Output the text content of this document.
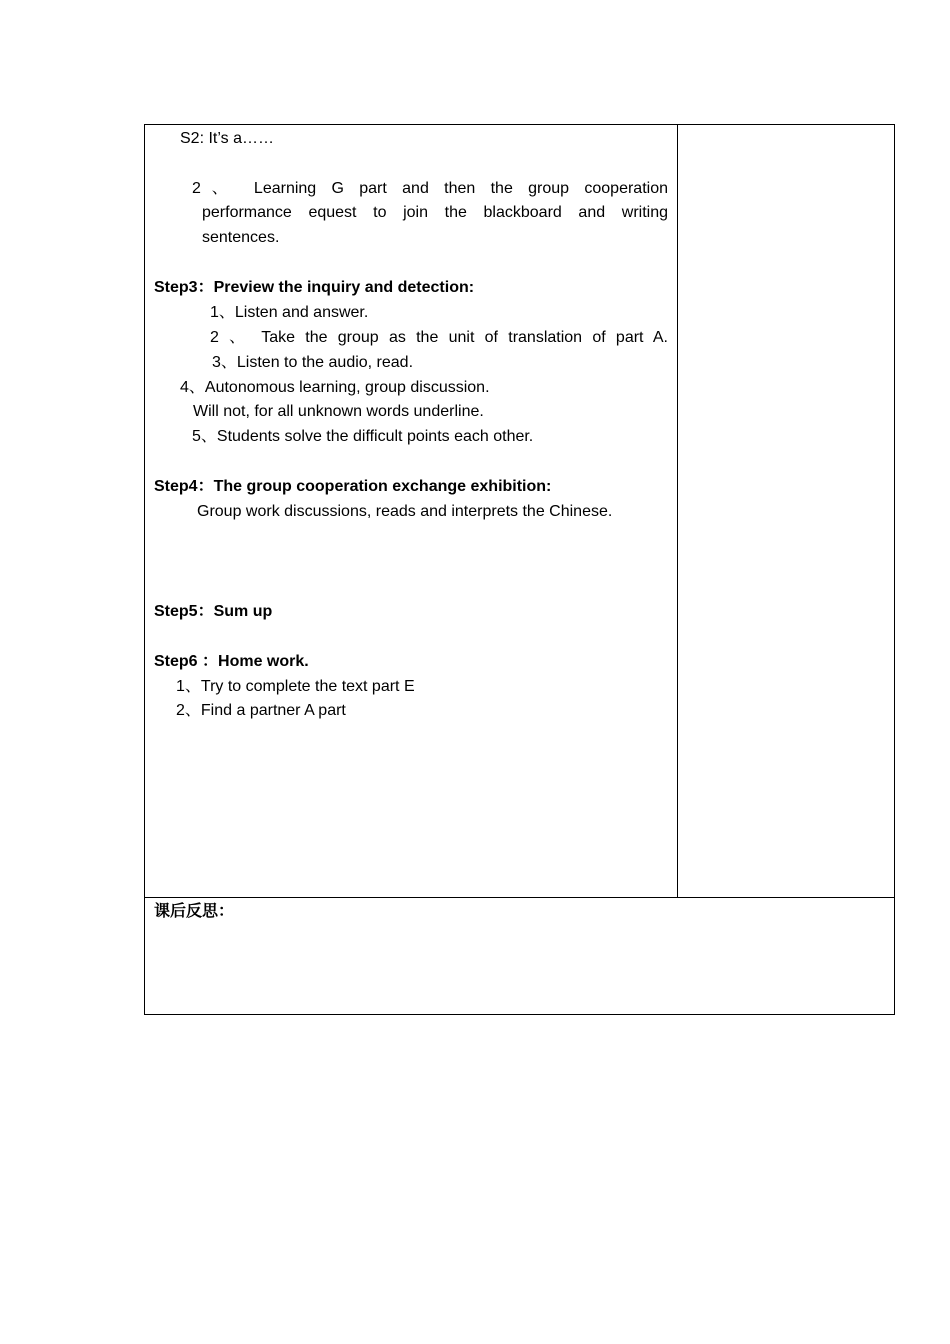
S2: It’s a……
2、 Learning G part and then the group cooperation
performance equest to join the blackboard and writing
sentences.
Step3：Preview the inquiry and detection:
1、Listen and answer.
2 、 Take the group as the unit of translation of part A.
3、Listen to the audio, read.
4、Autonomous learning, group discussion.
Will not, for all unknown words underline.
5、Students solve the difficult points each other.
Step4：The group cooperation exchange exhibition:
Group work discussions, reads and interprets the Chinese.
Step5：Sum up
Step6 ：Home work.
1、Try to complete the text part E
2、Find a partner A part
课后反思：
